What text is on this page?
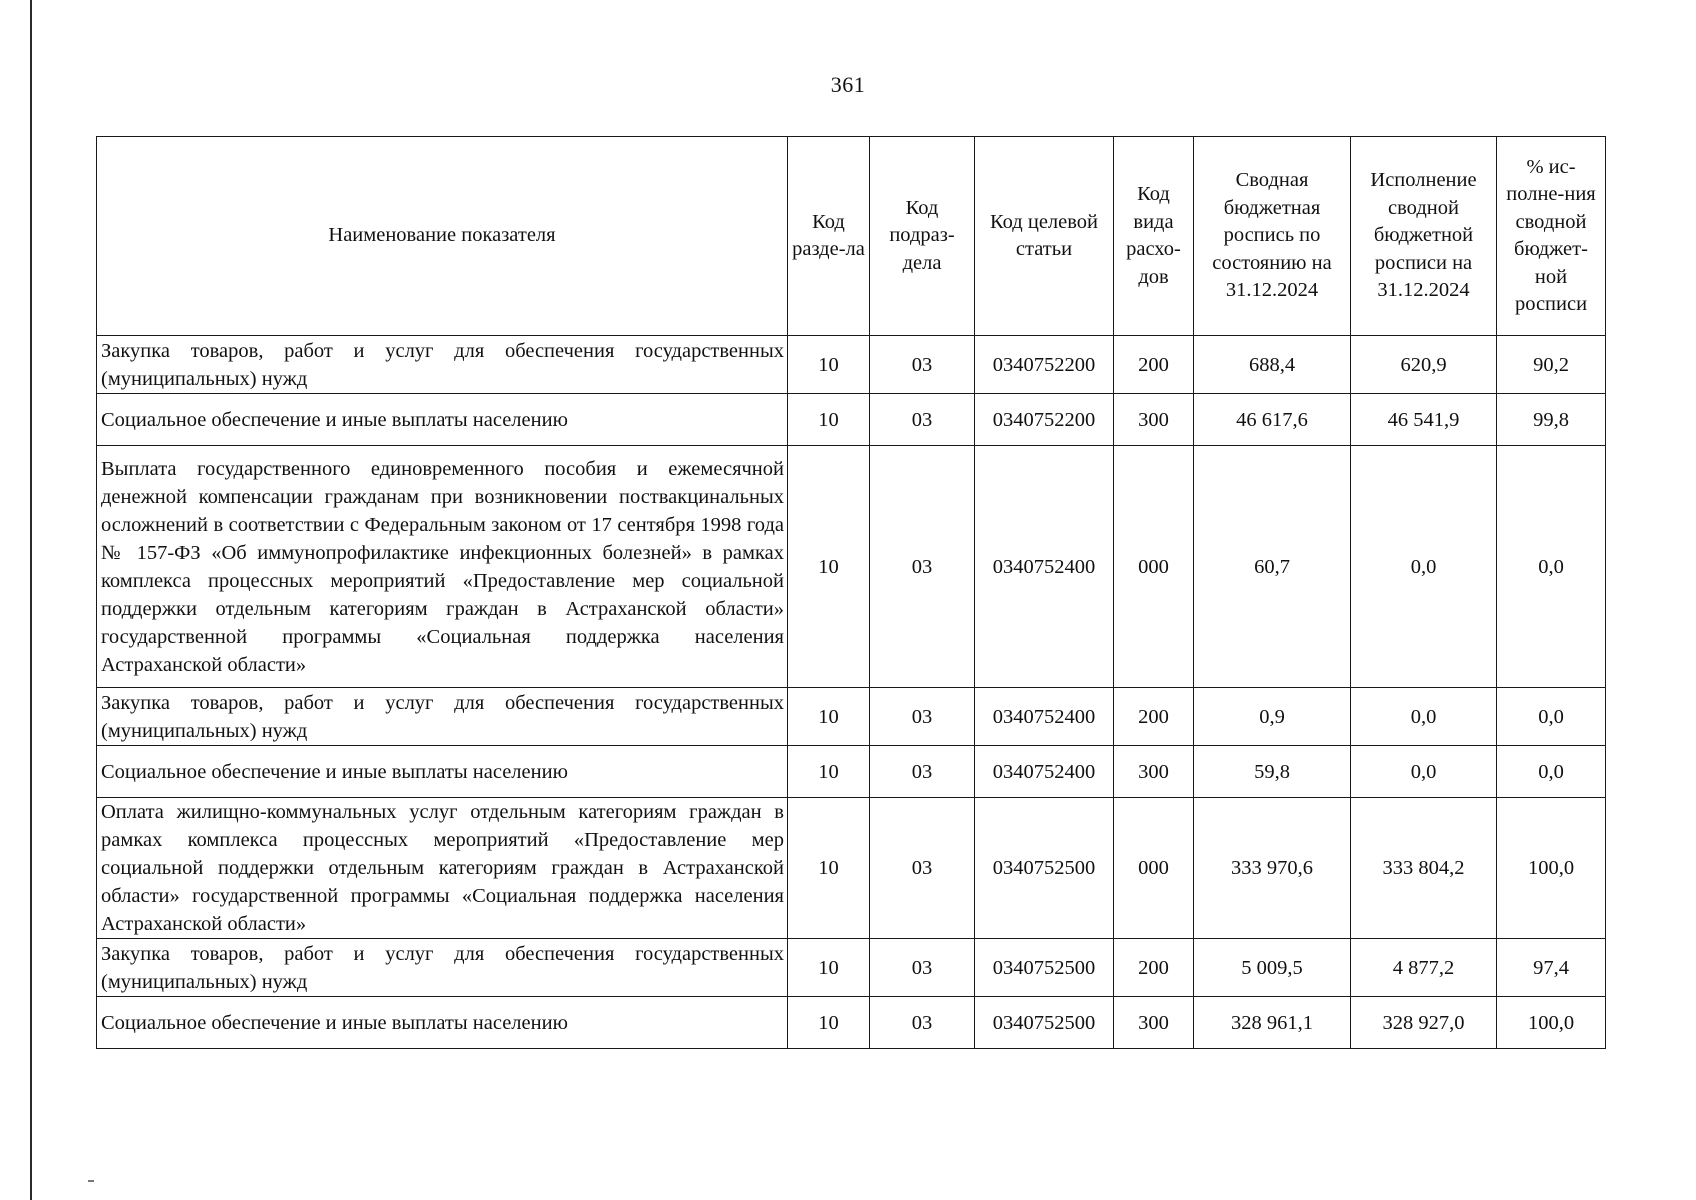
361
Наименование показателя	Код разде-ла	Код подраз-дела	Код целевой статьи	Код вида расхо-дов	Сводная бюджетная роспись по состоянию на 31.12.2024	Исполнение сводной бюджетной росписи на 31.12.2024	% ис-полне-ния сводной бюджет-ной росписи
Закупка товаров, работ и услуг для обеспечения государственных (муниципальных) нужд	10	03	0340752200	200	688,4	620,9	90,2
Социальное обеспечение и иные выплаты населению	10	03	0340752200	300	46 617,6	46 541,9	99,8
Выплата государственного единовременного пособия и ежемесячной денежной компенсации гражданам при возникновении поствакцинальных осложнений в соответствии с Федеральным законом от 17 сентября 1998 года № 157-ФЗ «Об иммунопрофилактике инфекционных болезней» в рамках комплекса процессных мероприятий «Предоставление мер социальной поддержки отдельным категориям граждан в Астраханской области» государственной программы «Социальная поддержка населения Астраханской области»	10	03	0340752400	000	60,7	0,0	0,0
Закупка товаров, работ и услуг для обеспечения государственных (муниципальных) нужд	10	03	0340752400	200	0,9	0,0	0,0
Социальное обеспечение и иные выплаты населению	10	03	0340752400	300	59,8	0,0	0,0
Оплата жилищно-коммунальных услуг отдельным категориям граждан в рамках комплекса процессных мероприятий «Предоставление мер социальной поддержки отдельным категориям граждан в Астраханской области» государственной программы «Социальная поддержка населения Астраханской области»	10	03	0340752500	000	333 970,6	333 804,2	100,0
Закупка товаров, работ и услуг для обеспечения государственных (муниципальных) нужд	10	03	0340752500	200	5 009,5	4 877,2	97,4
Социальное обеспечение и иные выплаты населению	10	03	0340752500	300	328 961,1	328 927,0	100,0
